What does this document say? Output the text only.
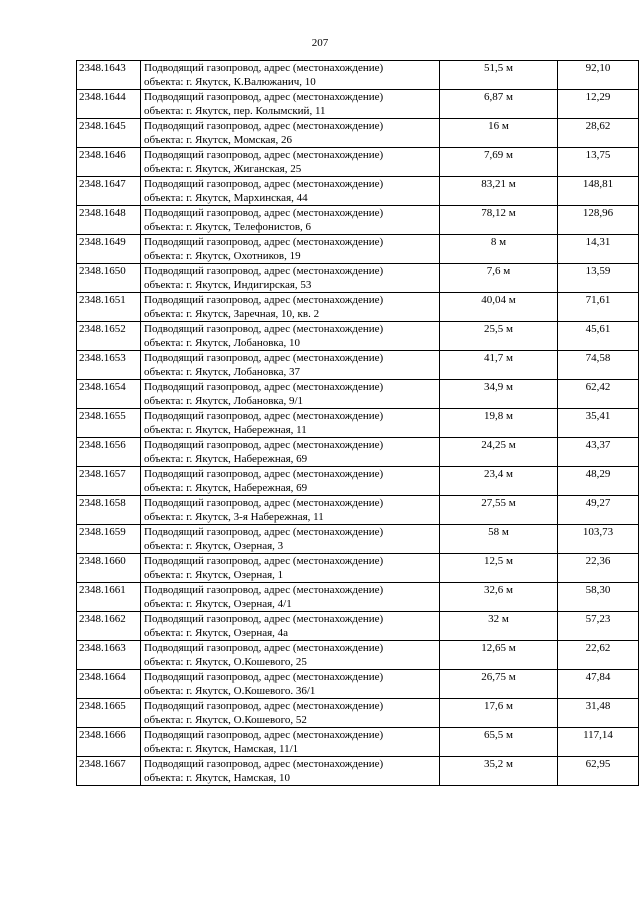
207
2348.1643	Подводящий газопровод, адрес (местонахождение)
объекта: г. Якутск, К.Валюжанич, 10	51,5 м	92,10
2348.1644	Подводящий газопровод, адрес (местонахождение)
объекта: г. Якутск, пер. Колымский, 11	6,87 м	12,29
2348.1645	Подводящий газопровод, адрес (местонахождение)
объекта: г. Якутск, Момская, 26	16 м	28,62
2348.1646	Подводящий газопровод, адрес (местонахождение)
объекта: г. Якутск, Жиганская, 25	7,69 м	13,75
2348.1647	Подводящий газопровод, адрес (местонахождение)
объекта: г. Якутск, Мархинская, 44	83,21 м	148,81
2348.1648	Подводящий газопровод, адрес (местонахождение)
объекта: г. Якутск, Телефонистов, 6	78,12 м	128,96
2348.1649	Подводящий газопровод, адрес (местонахождение)
объекта: г. Якутск, Охотников, 19	8 м	14,31
2348.1650	Подводящий газопровод, адрес (местонахождение)
объекта: г. Якутск, Индигирская, 53	7,6 м	13,59
2348.1651	Подводящий газопровод, адрес (местонахождение)
объекта: г. Якутск, Заречная, 10, кв. 2	40,04 м	71,61
2348.1652	Подводящий газопровод, адрес (местонахождение)
объекта: г. Якутск, Лобановка, 10	25,5 м	45,61
2348.1653	Подводящий газопровод, адрес (местонахождение)
объекта: г. Якутск, Лобановка, 37	41,7 м	74,58
2348.1654	Подводящий газопровод, адрес (местонахождение)
объекта: г. Якутск, Лобановка, 9/1	34,9 м	62,42
2348.1655	Подводящий газопровод, адрес (местонахождение)
объекта: г. Якутск, Набережная, 11	19,8 м	35,41
2348.1656	Подводящий газопровод, адрес (местонахождение)
объекта: г. Якутск, Набережная, 69	24,25 м	43,37
2348.1657	Подводящий газопровод, адрес (местонахождение)
объекта: г. Якутск, Набережная, 69	23,4 м	48,29
2348.1658	Подводящий газопровод, адрес (местонахождение)
объекта: г. Якутск, 3-я Набережная, 11	27,55 м	49,27
2348.1659	Подводящий газопровод, адрес (местонахождение)
объекта: г. Якутск, Озерная, 3	58 м	103,73
2348.1660	Подводящий газопровод, адрес (местонахождение)
объекта: г. Якутск, Озерная, 1	12,5 м	22,36
2348.1661	Подводящий газопровод, адрес (местонахождение)
объекта: г. Якутск, Озерная, 4/1	32,6 м	58,30
2348.1662	Подводящий газопровод, адрес (местонахождение)
объекта: г. Якутск, Озерная, 4а	32 м	57,23
2348.1663	Подводящий газопровод, адрес (местонахождение)
объекта: г. Якутск, О.Кошевого, 25	12,65 м	22,62
2348.1664	Подводящий газопровод, адрес (местонахождение)
объекта: г. Якутск, О.Кошевого. 36/1	26,75 м	47,84
2348.1665	Подводящий газопровод, адрес (местонахождение)
объекта: г. Якутск, О.Кошевого, 52	17,6 м	31,48
2348.1666	Подводящий газопровод, адрес (местонахождение)
объекта: г. Якутск, Намская, 11/1	65,5 м	117,14
2348.1667	Подводящий газопровод, адрес (местонахождение)
объекта: г. Якутск, Намская, 10	35,2 м	62,95
